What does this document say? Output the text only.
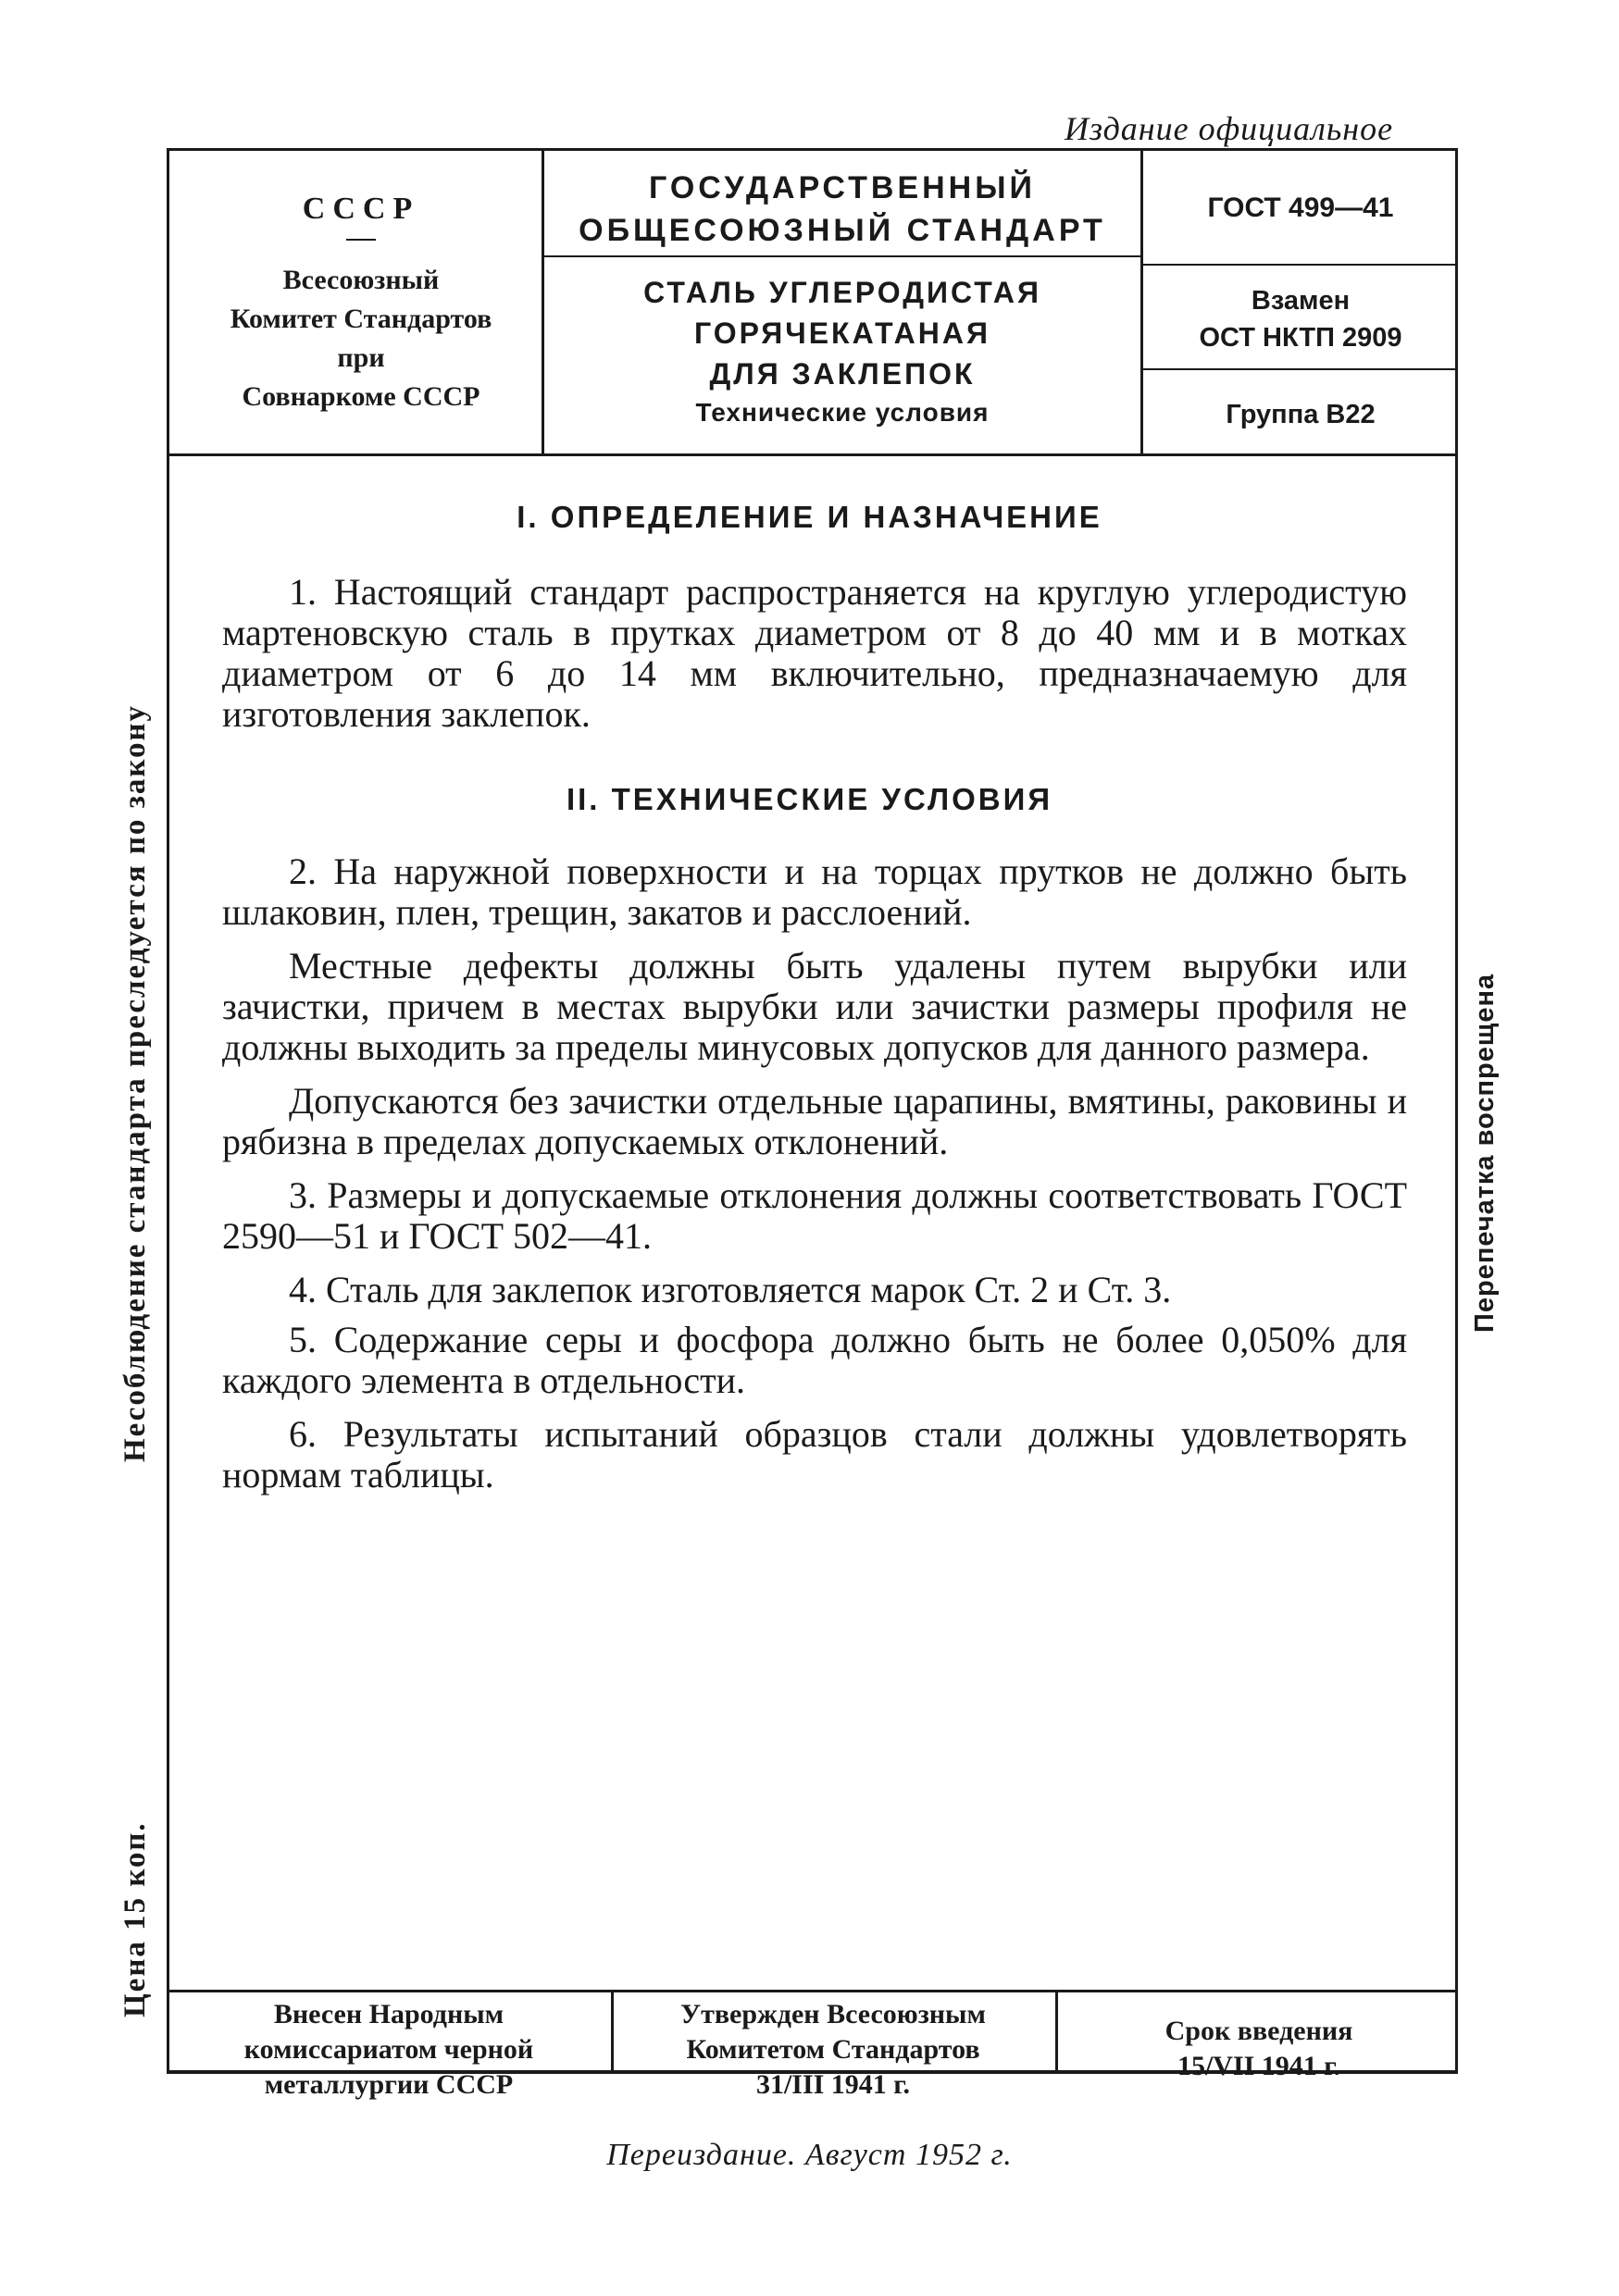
Издание официальное
СССР
Всесоюзный
Комитет Стандартов
при
Совнаркоме СССР
ГОСУДАРСТВЕННЫЙ
ОБЩЕСОЮЗНЫЙ СТАНДАРТ
СТАЛЬ УГЛЕРОДИСТАЯ
ГОРЯЧЕКАТАНАЯ
ДЛЯ ЗАКЛЕПОК
Технические условия
ГОСТ 499—41
Взамен
ОСТ НКТП 2909
Группа В22
I. ОПРЕДЕЛЕНИЕ И НАЗНАЧЕНИЕ

1. Настоящий стандарт распространяется на круглую углеродистую мартеновскую сталь в прутках диаметром от 8 до 40 мм и в мотках диаметром от 6 до 14 мм включительно, предназначаемую для изготовления заклепок.

II. ТЕХНИЧЕСКИЕ УСЛОВИЯ

2. На наружной поверхности и на торцах прутков не должно быть шлаковин, плен, трещин, закатов и расслоений.

Местные дефекты должны быть удалены путем вырубки или зачистки, причем в местах вырубки или зачистки размеры профиля не должны выходить за пределы минусовых допусков для данного размера.

Допускаются без зачистки отдельные царапины, вмятины, раковины и рябизна в пределах допускаемых отклонений.

3. Размеры и допускаемые отклонения должны соответствовать ГОСТ 2590—51 и ГОСТ 502—41.

4. Сталь для заклепок изготовляется марок Ст. 2 и Ст. 3.

5. Содержание серы и фосфора должно быть не более 0,050% для каждого элемента в отдельности.

6. Результаты испытаний образцов стали должны удовлетворять нормам таблицы.

Несоблюдение стандарта преследуется по закону
Цена 15 коп.
Перепечатка воспрещена
Внесен Народным
комиссариатом черной
металлургии СССР
Утвержден Всесоюзным
Комитетом Стандартов
31/III 1941 г.
Срок введения
15/VII 1941 г.
Переиздание. Август 1952 г.
